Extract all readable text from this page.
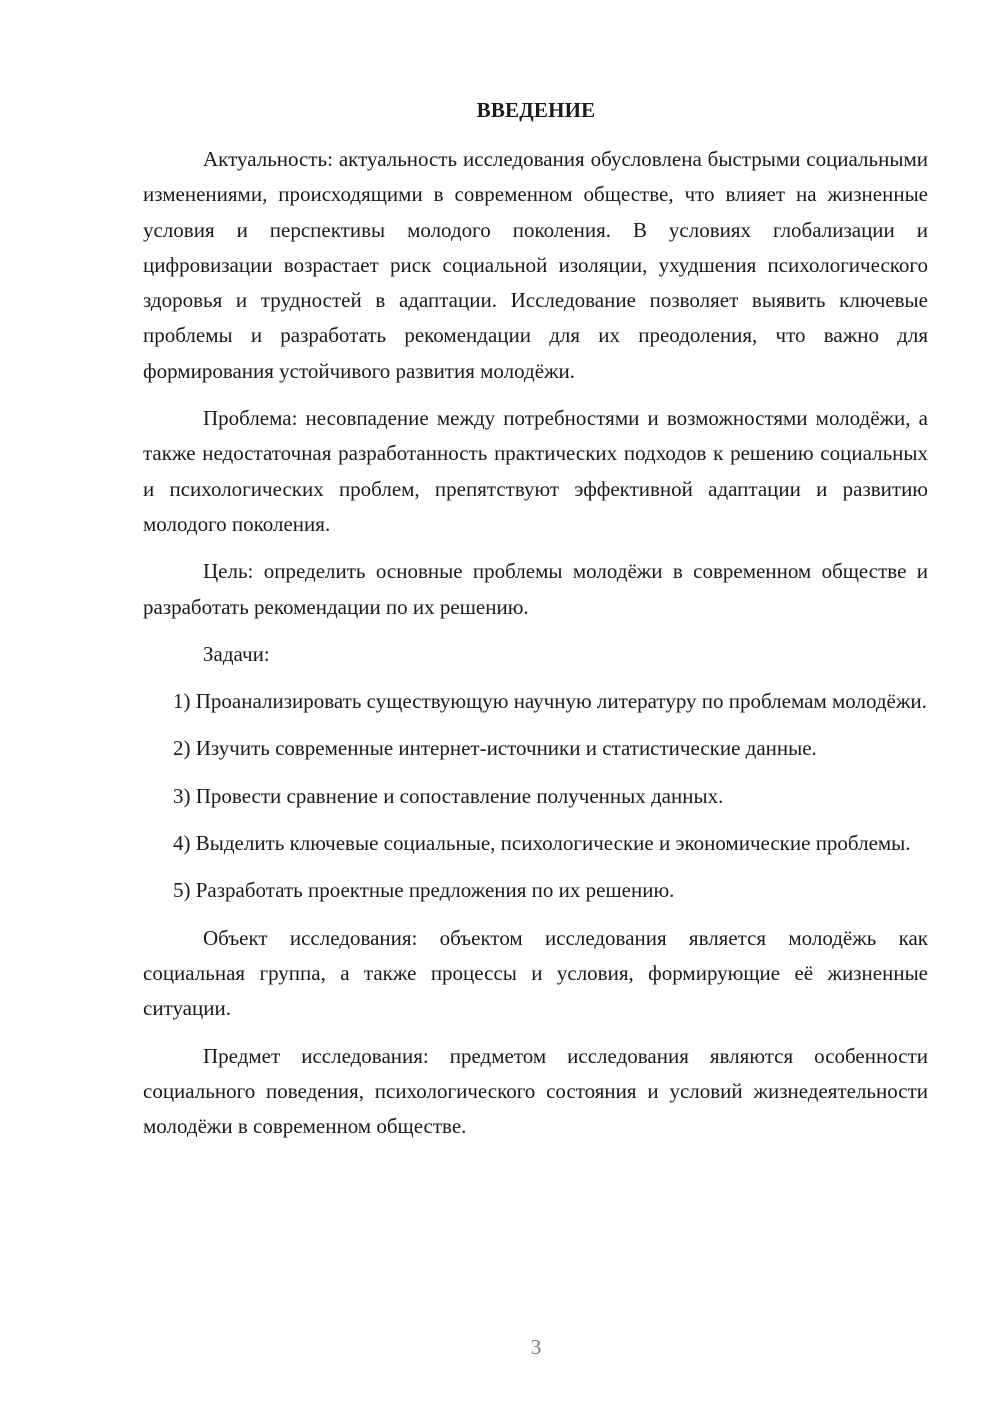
ВВЕДЕНИЕ

Актуальность: актуальность исследования обусловлена быстрыми социальными изменениями, происходящими в современном обществе, что влияет на жизненные условия и перспективы молодого поколения. В условиях глобализации и цифровизации возрастает риск социальной изоляции, ухудшения психологического здоровья и трудностей в адаптации. Исследование позволяет выявить ключевые проблемы и разработать рекомендации для их преодоления, что важно для формирования устойчивого развития молодёжи.

Проблема: несовпадение между потребностями и возможностями молодёжи, а также недостаточная разработанность практических подходов к решению социальных и психологических проблем, препятствуют эффективной адаптации и развитию молодого поколения.

Цель: определить основные проблемы молодёжи в современном обществе и разработать рекомендации по их решению.

Задачи:

1) Проанализировать существующую научную литературу по проблемам молодёжи.

2) Изучить современные интернет-источники и статистические данные.

3) Провести сравнение и сопоставление полученных данных.

4) Выделить ключевые социальные, психологические и экономические проблемы.

5) Разработать проектные предложения по их решению.

Объект исследования: объектом исследования является молодёжь как социальная группа, а также процессы и условия, формирующие её жизненные ситуации.

Предмет исследования: предметом исследования являются особенности социального поведения, психологического состояния и условий жизнедеятельности молодёжи в современном обществе.

3
